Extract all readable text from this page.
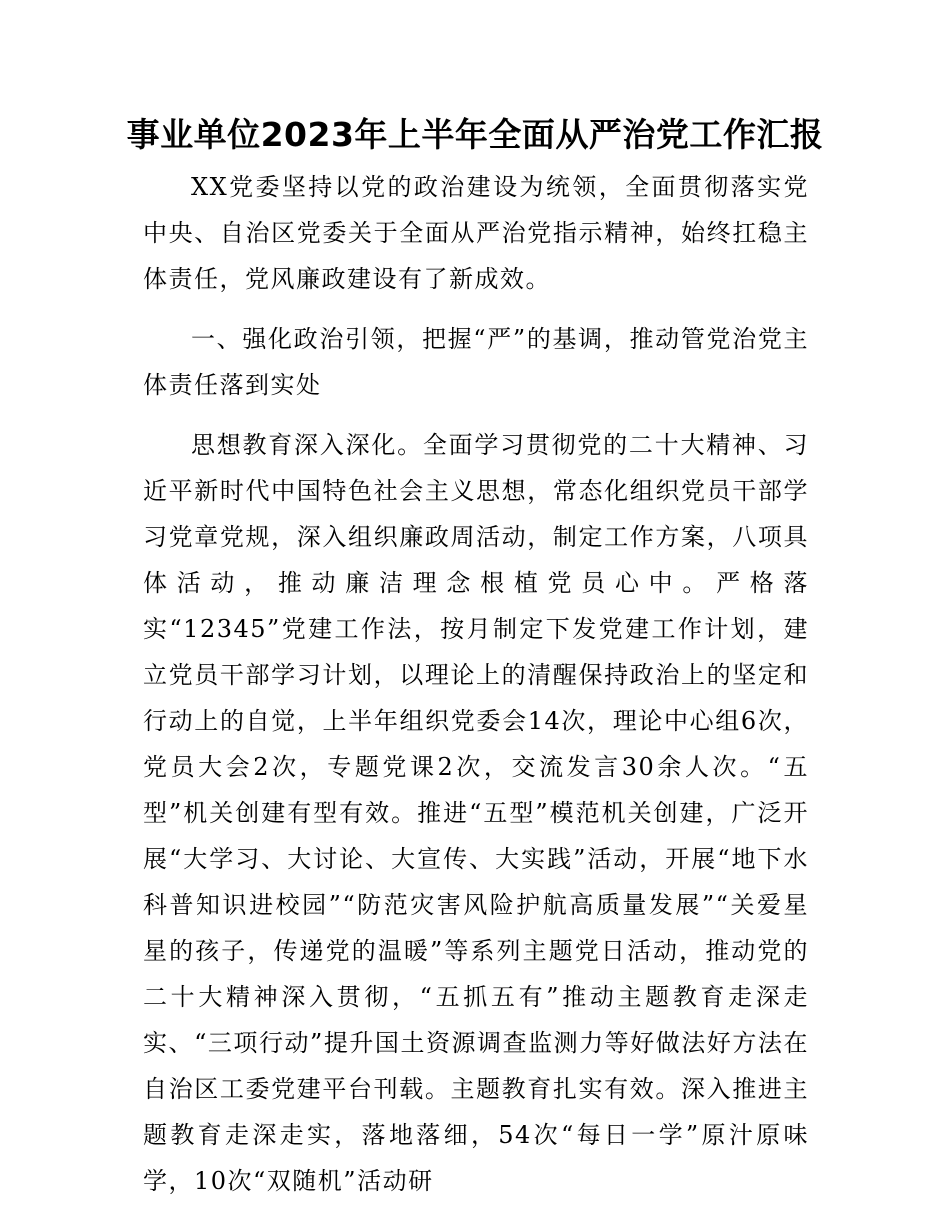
事业单位2023年上半年全面从严治党工作汇报

XX党委坚持以党的政治建设为统领，全面贯彻落实党中央、自治区党委关于全面从严治党指示精神，始终扛稳主体责任，党风廉政建设有了新成效。

一、强化政治引领，把握“严”的基调，推动管党治党主体责任落到实处

思想教育深入深化。全面学习贯彻党的二十大精神、习近平新时代中国特色社会主义思想，常态化组织党员干部学习党章党规，深入组织廉政周活动，制定工作方案，八项具体活动，推动廉洁理念根植党员心中。严格落实“12345”党建工作法，按月制定下发党建工作计划，建立党员干部学习计划，以理论上的清醒保持政治上的坚定和行动上的自觉，上半年组织党委会14次，理论中心组6次，党员大会2次，专题党课2次，交流发言30余人次。“五型”机关创建有型有效。推进“五型”模范机关创建，广泛开展“大学习、大讨论、大宣传、大实践”活动，开展“地下水科普知识进校园”“防范灾害风险护航高质量发展”“关爱星星的孩子，传递党的温暖”等系列主题党日活动，推动党的二十大精神深入贯彻，“五抓五有”推动主题教育走深走实、“三项行动”提升国土资源调查监测力等好做法好方法在自治区工委党建平台刊载。主题教育扎实有效。深入推进主题教育走深走实，落地落细，54次“每日一学”原汁原味学，10次“双随机”活动研
